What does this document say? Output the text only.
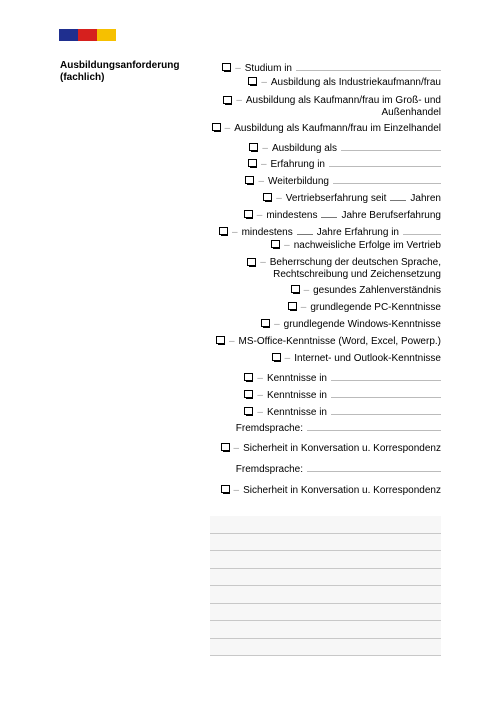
Ausbildungsanforderung
(fachlich)
– Studium in
– Ausbildung als Industriekaufmann/frau
– Ausbildung als Kaufmann/frau im Groß- und
Außenhandel
– Ausbildung als Kaufmann/frau im Einzelhandel
– Ausbildung als
– Erfahrung in
– Weiterbildung
– Vertriebserfahrung seit Jahren
– mindestens Jahre Berufserfahrung
– mindestens Jahre Erfahrung in
– nachweisliche Erfolge im Vertrieb
– Beherrschung der deutschen Sprache,
Rechtschreibung und Zeichensetzung
– gesundes Zahlenverständnis
– grundlegende PC-Kenntnisse
– grundlegende Windows-Kenntnisse
– MS-Office-Kenntnisse (Word, Excel, Powerp.)
– Internet- und Outlook-Kenntnisse
– Kenntnisse in
– Kenntnisse in
– Kenntnisse in
Fremdsprache:
– Sicherheit in Konversation u. Korrespondenz
Fremdsprache:
– Sicherheit in Konversation u. Korrespondenz
